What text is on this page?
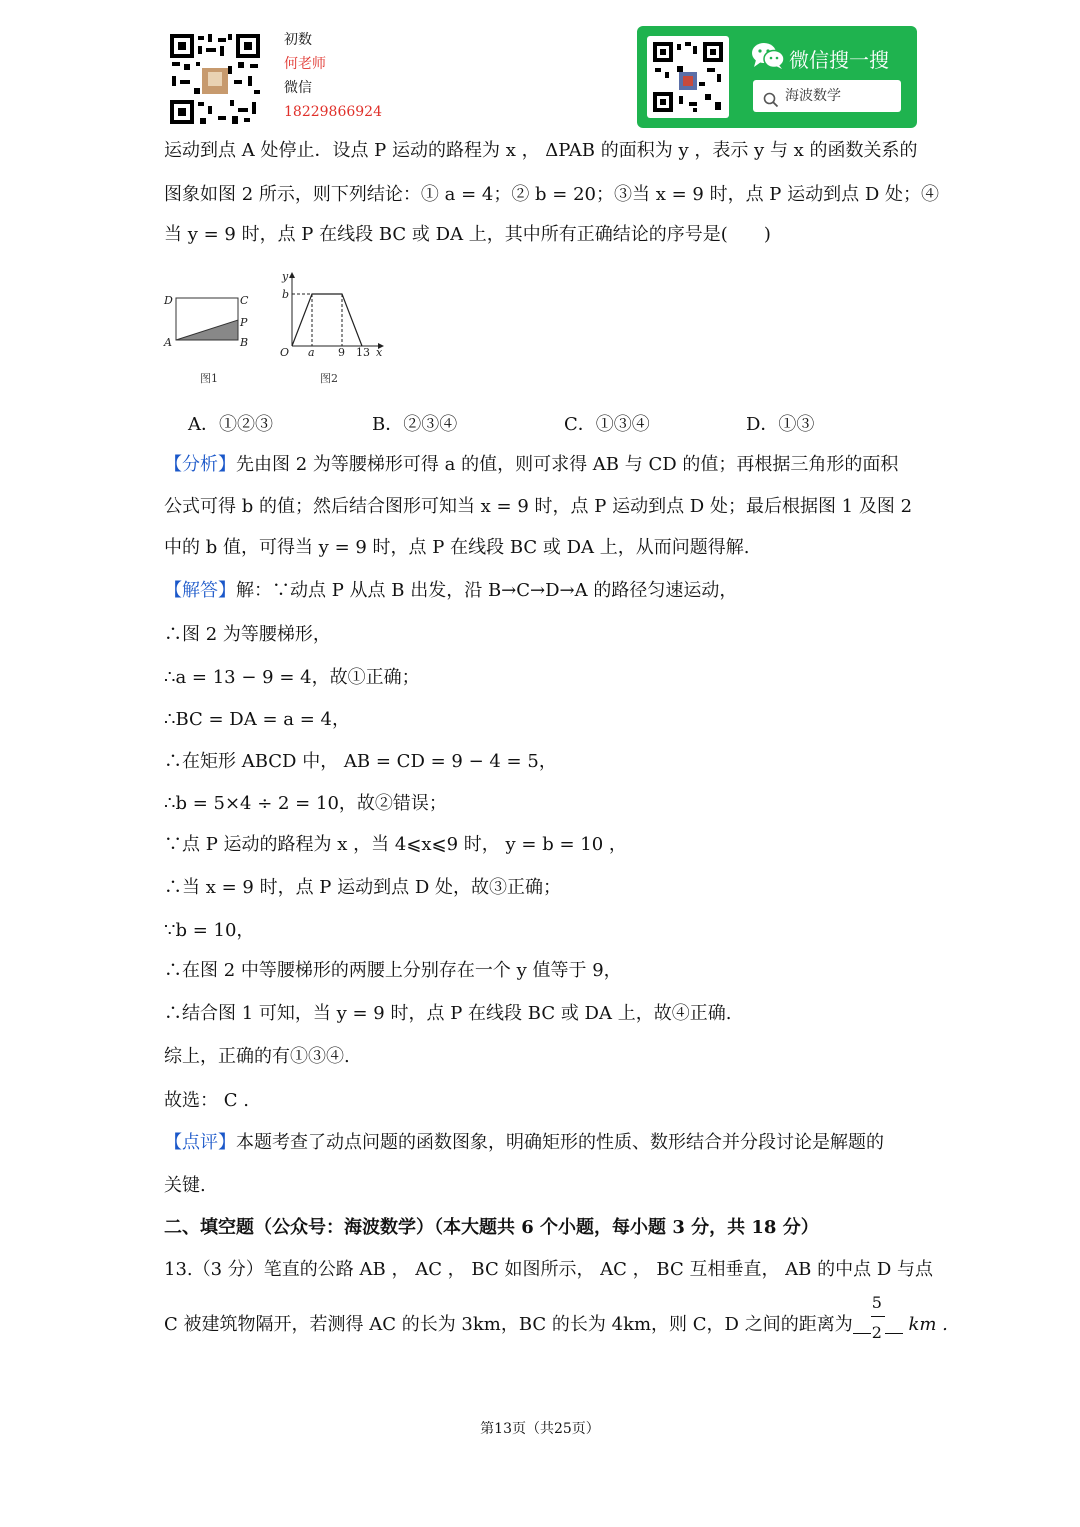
初数
何老师
微信
18229866924
微信搜一搜
海波数学
运动到点 A 处停止．设点 P 运动的路程为 x ， ΔPAB 的面积为 y ，表示 y 与 x 的函数关系的
图象如图 2 所示，则下列结论：① a = 4；② b = 20；③当 x = 9 时，点 P 运动到点 D 处；④
当 y = 9 时，点 P 在线段 BC 或 DA 上，其中所有正确结论的序号是(　　)
D	C
P
A	B
图1
y
b
O a 9 13 x
图2
A．①②③	B．②③④	C．①③④	D．①③
【分析】先由图 2 为等腰梯形可得 a 的值，则可求得 AB 与 CD 的值；再根据三角形的面积
公式可得 b 的值；然后结合图形可知当 x = 9 时，点 P 运动到点 D 处；最后根据图 1 及图 2
中的 b 值，可得当 y = 9 时，点 P 在线段 BC 或 DA 上，从而问题得解.
【解答】解：∵动点 P 从点 B 出发，沿 B→C→D→A 的路径匀速运动，
∴图 2 为等腰梯形，
∴a = 13 − 9 = 4，故①正确；
∴BC = DA = a = 4，
∴在矩形 ABCD 中， AB = CD = 9 − 4 = 5，
∴b = 5×4 ÷ 2 = 10，故②错误；
∵点 P 运动的路程为 x ，当 4⩽x⩽9 时， y = b = 10 ，
∴当 x = 9 时，点 P 运动到点 D 处，故③正确；
∵b = 10，
∴在图 2 中等腰梯形的两腰上分别存在一个 y 值等于 9，
∴结合图 1 可知，当 y = 9 时，点 P 在线段 BC 或 DA 上，故④正确.
综上，正确的有①③④.
故选： C .
【点评】本题考查了动点问题的函数图象，明确矩形的性质、数形结合并分段讨论是解题的
关键.
二、填空题（公众号：海波数学）（本大题共 6 个小题，每小题 3 分，共 18 分）
13.（3 分）笔直的公路 AB ， AC ， BC 如图所示， AC ， BC 互相垂直， AB 的中点 D 与点
C 被建筑物隔开，若测得 AC 的长为 3km，BC 的长为 4km，则 C，D 之间的距离为 $\frac{5}{2}$ km .
第13页（共25页）
